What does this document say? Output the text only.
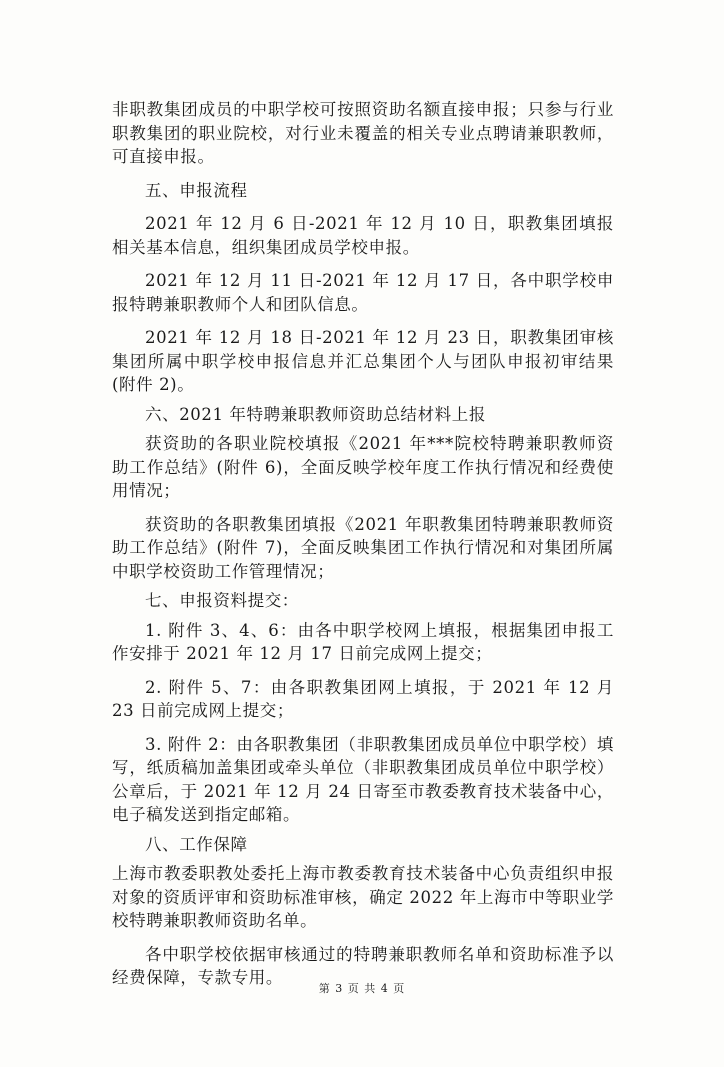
非职教集团成员的中职学校可按照资助名额直接申报；只参与行业职教集团的职业院校，对行业未覆盖的相关专业点聘请兼职教师，可直接申报。

五、申报流程

2021 年 12 月 6 日-2021 年 12 月 10 日，职教集团填报相关基本信息，组织集团成员学校申报。

2021 年 12 月 11 日-2021 年 12 月 17 日，各中职学校申报特聘兼职教师个人和团队信息。

2021 年 12 月 18 日-2021 年 12 月 23 日，职教集团审核集团所属中职学校申报信息并汇总集团个人与团队申报初审结果(附件 2)。

六、2021 年特聘兼职教师资助总结材料上报

获资助的各职业院校填报《2021 年***院校特聘兼职教师资助工作总结》(附件 6)，全面反映学校年度工作执行情况和经费使用情况；

获资助的各职教集团填报《2021 年职教集团特聘兼职教师资助工作总结》(附件 7)，全面反映集团工作执行情况和对集团所属中职学校资助工作管理情况；

七、申报资料提交：

1. 附件 3、4、6：由各中职学校网上填报，根据集团申报工作安排于 2021 年 12 月 17 日前完成网上提交；

2. 附件 5、7：由各职教集团网上填报，于 2021 年 12 月 23 日前完成网上提交；

3. 附件 2：由各职教集团（非职教集团成员单位中职学校）填写，纸质稿加盖集团或牵头单位（非职教集团成员单位中职学校）公章后，于 2021 年 12 月 24 日寄至市教委教育技术装备中心，电子稿发送到指定邮箱。

八、工作保障

上海市教委职教处委托上海市教委教育技术装备中心负责组织申报对象的资质评审和资助标准审核，确定 2022 年上海市中等职业学校特聘兼职教师资助名单。

各中职学校依据审核通过的特聘兼职教师名单和资助标准予以经费保障，专款专用。

第 3 页 共 4 页
